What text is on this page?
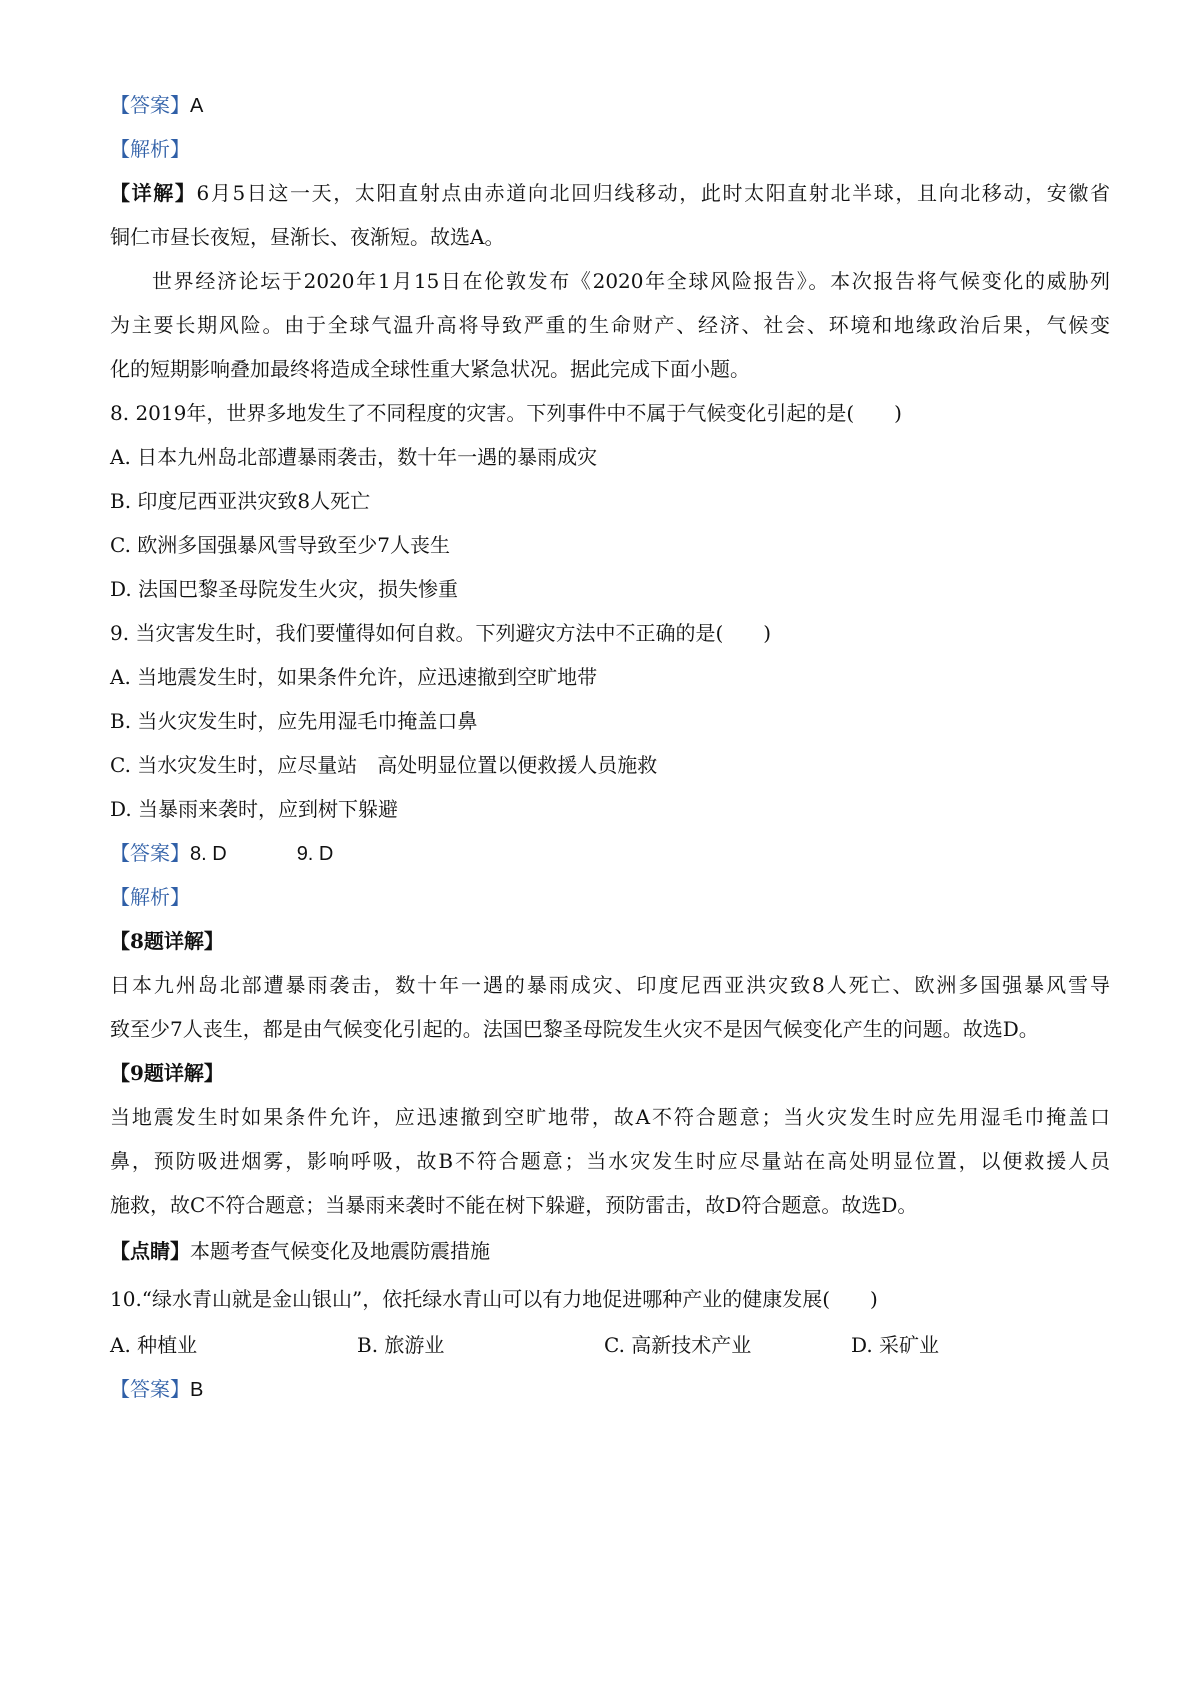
【答案】A
【解析】
【详解】6月5日这一天，太阳直射点由赤道向北回归线移动，此时太阳直射北半球，且向北移动，安徽省
铜仁市昼长夜短，昼渐长、夜渐短。故选A。
世界经济论坛于2020年1月15日在伦敦发布《2020年全球风险报告》。本次报告将气候变化的威胁列
为主要长期风险。由于全球气温升高将导致严重的生命财产、经济、社会、环境和地缘政治后果，气候变
化的短期影响叠加最终将造成全球性重大紧急状况。据此完成下面小题。
8. 2019年，世界多地发生了不同程度的灾害。下列事件中不属于气候变化引起的是(　　)
A. 日本九州岛北部遭暴雨袭击，数十年一遇的暴雨成灾
B. 印度尼西亚洪灾致8人死亡
C. 欧洲多国强暴风雪导致至少7人丧生
D. 法国巴黎圣母院发生火灾，损失惨重
9. 当灾害发生时，我们要懂得如何自救。下列避灾方法中不正确的是(　　)
A. 当地震发生时，如果条件允许，应迅速撤到空旷地带
B. 当火灾发生时，应先用湿毛巾掩盖口鼻
C. 当水灾发生时，应尽量站　高处明显位置以便救援人员施救
D. 当暴雨来袭时，应到树下躲避
【答案】8. D	9. D
【解析】
【8题详解】
日本九州岛北部遭暴雨袭击，数十年一遇的暴雨成灾、印度尼西亚洪灾致8人死亡、欧洲多国强暴风雪导
致至少7人丧生，都是由气候变化引起的。法国巴黎圣母院发生火灾不是因气候变化产生的问题。故选D。
【9题详解】
当地震发生时如果条件允许，应迅速撤到空旷地带，故A不符合题意；当火灾发生时应先用湿毛巾掩盖口
鼻，预防吸进烟雾，影响呼吸，故B不符合题意；当水灾发生时应尽量站在高处明显位置，以便救援人员
施救，故C不符合题意；当暴雨来袭时不能在树下躲避，预防雷击，故D符合题意。故选D。
【点睛】本题考查气候变化及地震防震措施
10.“绿水青山就是金山银山”，依托绿水青山可以有力地促进哪种产业的健康发展(　　)
A. 种植业	B. 旅游业	C. 高新技术产业	D. 采矿业
【答案】B
